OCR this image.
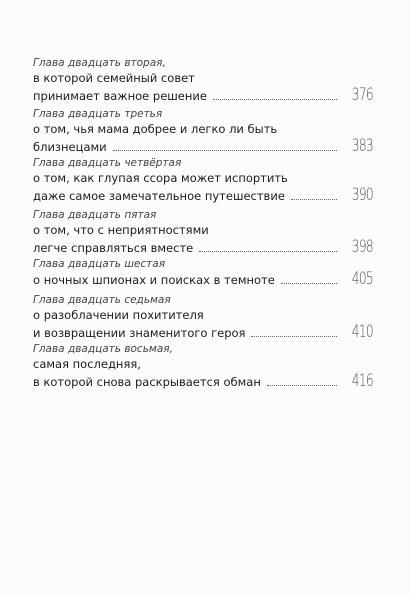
Глава двадцать вторая,
в которой семейный совет
принимает важное решение	376
Глава двадцать третья
о том, чья мама добрее и легко ли быть
близнецами	383
Глава двадцать четвёртая
о том, как глупая ссора может испортить
даже самое замечательное путешествие	390
Глава двадцать пятая
о том, что с неприятностями
легче справляться вместе	398
Глава двадцать шестая
о ночных шпионах и поисках в темноте	405
Глава двадцать седьмая
о разоблачении похитителя
и возвращении знаменитого героя	410
Глава двадцать восьмая,
самая последняя,
в которой снова раскрывается обман	416
